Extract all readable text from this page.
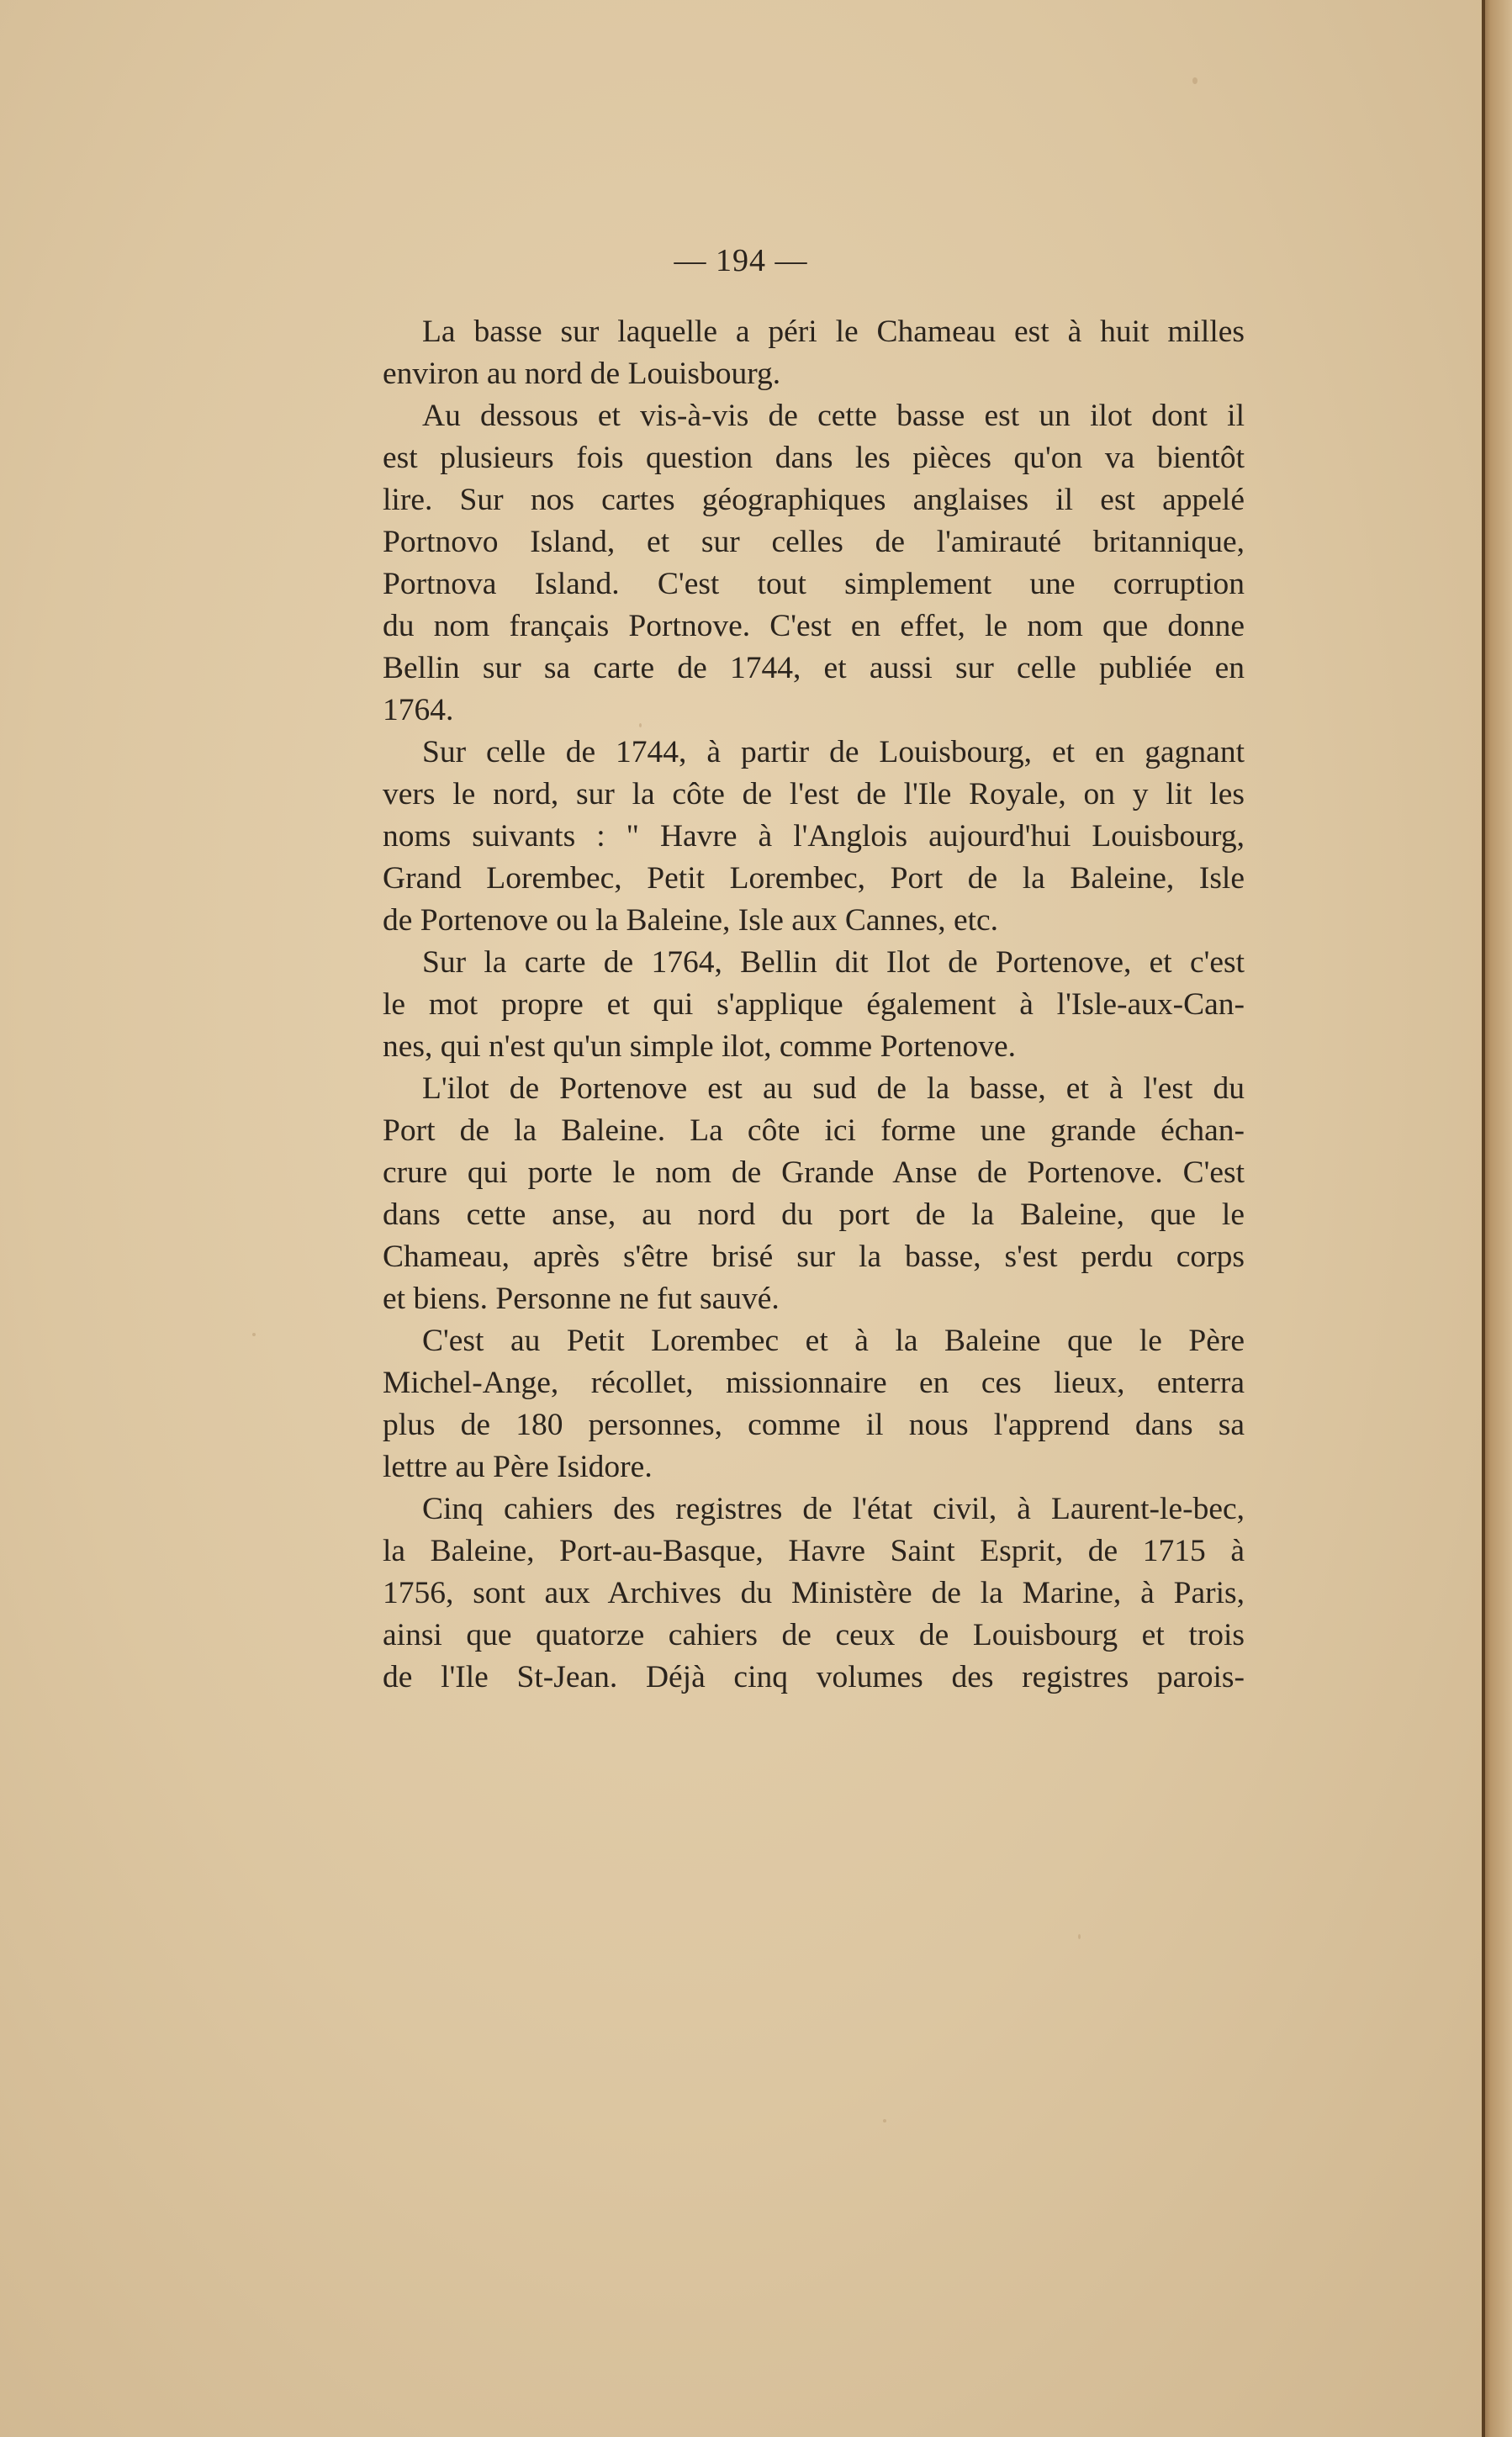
— 194 —
La basse sur laquelle a péri le Chameau est à huit milles
environ au nord de Louisbourg.
Au dessous et vis-à-vis de cette basse est un ilot dont il
est plusieurs fois question dans les pièces qu'on va bientôt
lire. Sur nos cartes géographiques anglaises il est appelé
Portnovo Island, et sur celles de l'amirauté britannique,
Portnova Island. C'est tout simplement une corruption
du nom français Portnove. C'est en effet, le nom que donne
Bellin sur sa carte de 1744, et aussi sur celle publiée en
1764.
Sur celle de 1744, à partir de Louisbourg, et en gagnant
vers le nord, sur la côte de l'est de l'Ile Royale, on y lit les
noms suivants : " Havre à l'Anglois aujourd'hui Louisbourg,
Grand Lorembec, Petit Lorembec, Port de la Baleine, Isle
de Portenove ou la Baleine, Isle aux Cannes, etc.
Sur la carte de 1764, Bellin dit Ilot de Portenove, et c'est
le mot propre et qui s'applique également à l'Isle-aux-Can-
nes, qui n'est qu'un simple ilot, comme Portenove.
L'ilot de Portenove est au sud de la basse, et à l'est du
Port de la Baleine. La côte ici forme une grande échan-
crure qui porte le nom de Grande Anse de Portenove. C'est
dans cette anse, au nord du port de la Baleine, que le
Chameau, après s'être brisé sur la basse, s'est perdu corps
et biens. Personne ne fut sauvé.
C'est au Petit Lorembec et à la Baleine que le Père
Michel-Ange, récollet, missionnaire en ces lieux, enterra
plus de 180 personnes, comme il nous l'apprend dans sa
lettre au Père Isidore.
Cinq cahiers des registres de l'état civil, à Laurent-le-bec,
la Baleine, Port-au-Basque, Havre Saint Esprit, de 1715 à
1756, sont aux Archives du Ministère de la Marine, à Paris,
ainsi que quatorze cahiers de ceux de Louisbourg et trois
de l'Ile St-Jean. Déjà cinq volumes des registres parois-
